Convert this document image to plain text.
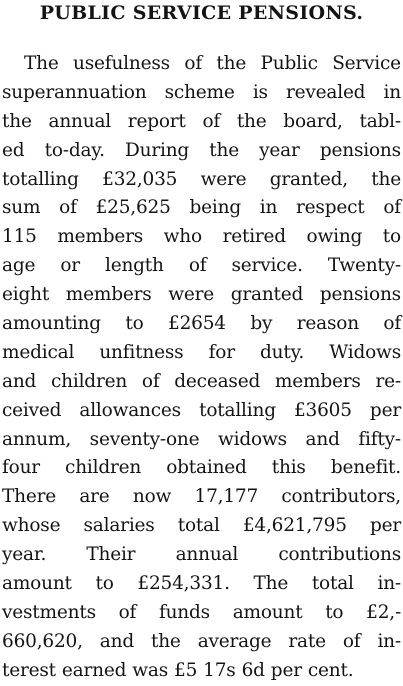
PUBLIC SERVICE PENSIONS.
The usefulness of the Public Service
superannuation scheme is revealed in
the annual report of the board, tabl-
ed to-day. During the year pensions
totalling £32,035 were granted, the
sum of £25,625 being in respect of
115 members who retired owing to
age or length of service. Twenty-
eight members were granted pensions
amounting to £2654 by reason of
medical unfitness for duty. Widows
and children of deceased members re-
ceived allowances totalling £3605 per
annum, seventy-one widows and fifty-
four children obtained this benefit.
There are now 17,177 contributors,
whose salaries total £4,621,795 per
year. Their annual contributions
amount to £254,331. The total in-
vestments of funds amount to £2,-
660,620, and the average rate of in-
terest earned was £5 17s 6d per cent.
